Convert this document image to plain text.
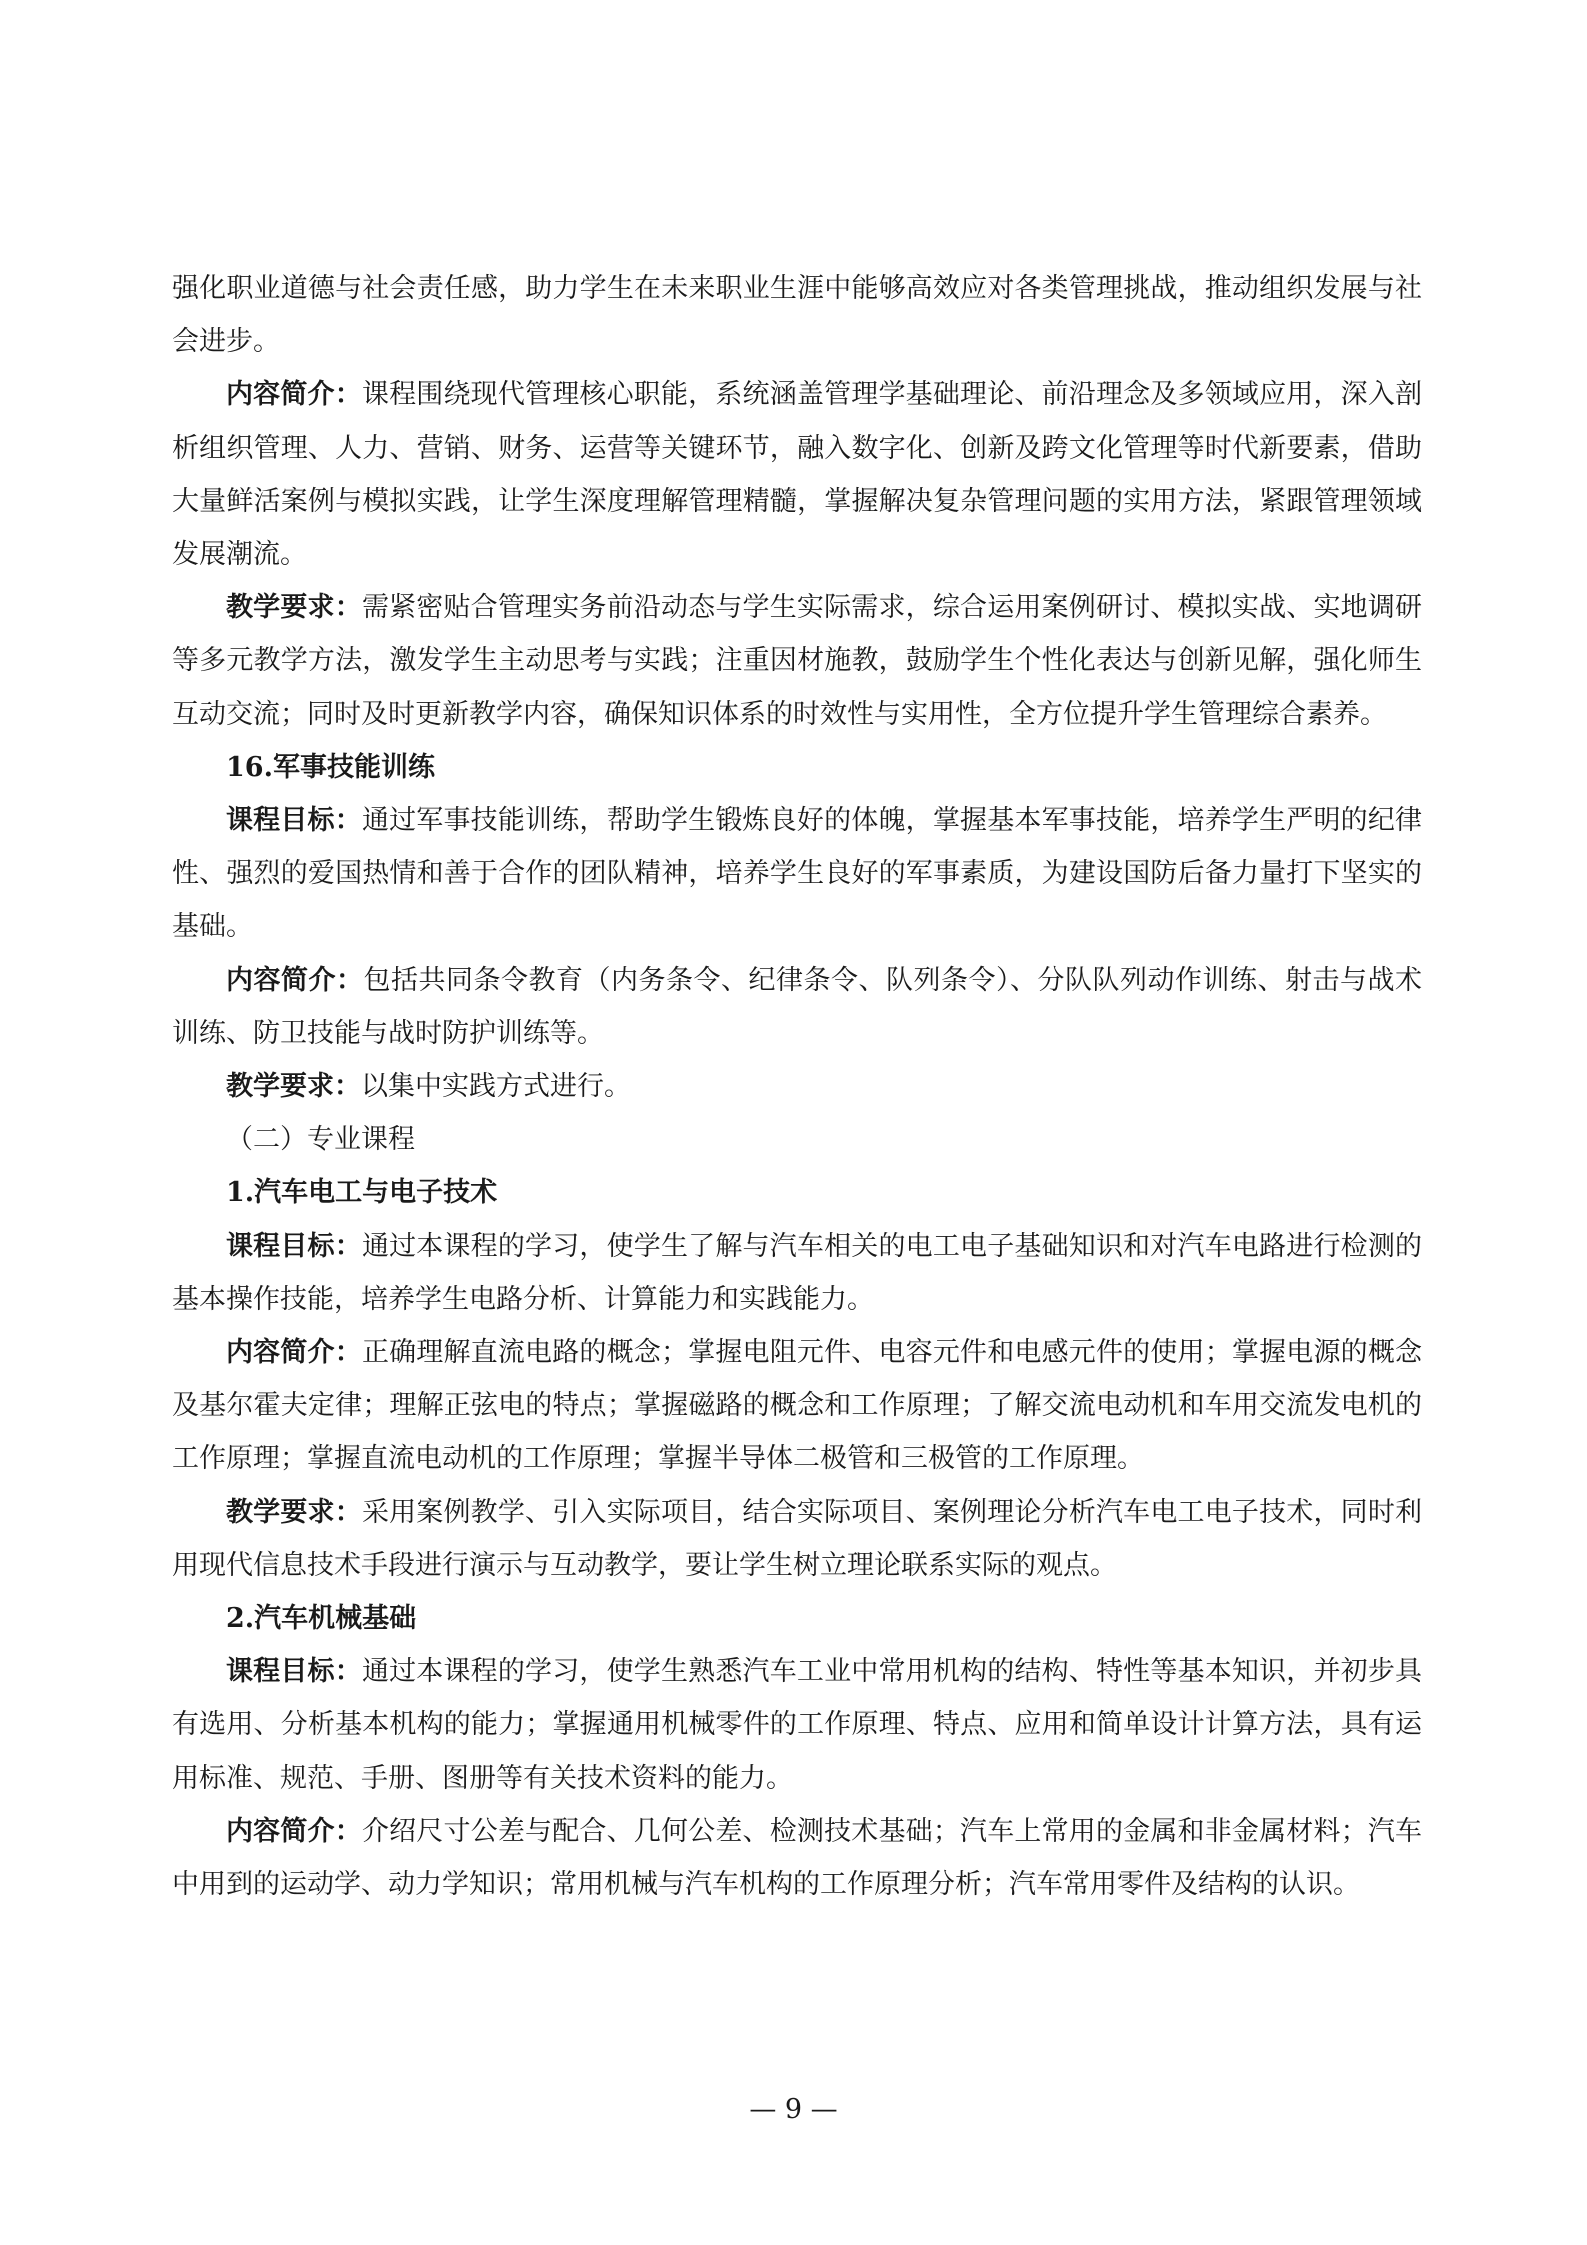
强化职业道德与社会责任感，助力学生在未来职业生涯中能够高效应对各类管理挑战，推动组织发展与社会进步。

内容简介：课程围绕现代管理核心职能，系统涵盖管理学基础理论、前沿理念及多领域应用，深入剖析组织管理、人力、营销、财务、运营等关键环节，融入数字化、创新及跨文化管理等时代新要素，借助大量鲜活案例与模拟实践，让学生深度理解管理精髓，掌握解决复杂管理问题的实用方法，紧跟管理领域发展潮流。

教学要求：需紧密贴合管理实务前沿动态与学生实际需求，综合运用案例研讨、模拟实战、实地调研等多元教学方法，激发学生主动思考与实践；注重因材施教，鼓励学生个性化表达与创新见解，强化师生互动交流；同时及时更新教学内容，确保知识体系的时效性与实用性，全方位提升学生管理综合素养。

16.军事技能训练

课程目标：通过军事技能训练，帮助学生锻炼良好的体魄，掌握基本军事技能，培养学生严明的纪律性、强烈的爱国热情和善于合作的团队精神，培养学生良好的军事素质，为建设国防后备力量打下坚实的基础。

内容简介：包括共同条令教育（内务条令、纪律条令、队列条令）、分队队列动作训练、射击与战术训练、防卫技能与战时防护训练等。

教学要求：以集中实践方式进行。

（二）专业课程
1.汽车电工与电子技术

课程目标：通过本课程的学习，使学生了解与汽车相关的电工电子基础知识和对汽车电路进行检测的基本操作技能，培养学生电路分析、计算能力和实践能力。

内容简介：正确理解直流电路的概念；掌握电阻元件、电容元件和电感元件的使用；掌握电源的概念及基尔霍夫定律；理解正弦电的特点；掌握磁路的概念和工作原理；了解交流电动机和车用交流发电机的工作原理；掌握直流电动机的工作原理；掌握半导体二极管和三极管的工作原理。

教学要求：采用案例教学、引入实际项目，结合实际项目、案例理论分析汽车电工电子技术，同时利用现代信息技术手段进行演示与互动教学，要让学生树立理论联系实际的观点。

2.汽车机械基础

课程目标：通过本课程的学习，使学生熟悉汽车工业中常用机构的结构、特性等基本知识，并初步具有选用、分析基本机构的能力；掌握通用机械零件的工作原理、特点、应用和简单设计计算方法，具有运用标准、规范、手册、图册等有关技术资料的能力。

内容简介：介绍尺寸公差与配合、几何公差、检测技术基础；汽车上常用的金属和非金属材料；汽车中用到的运动学、动力学知识；常用机械与汽车机构的工作原理分析；汽车常用零件及结构的认识。

— 9 —
